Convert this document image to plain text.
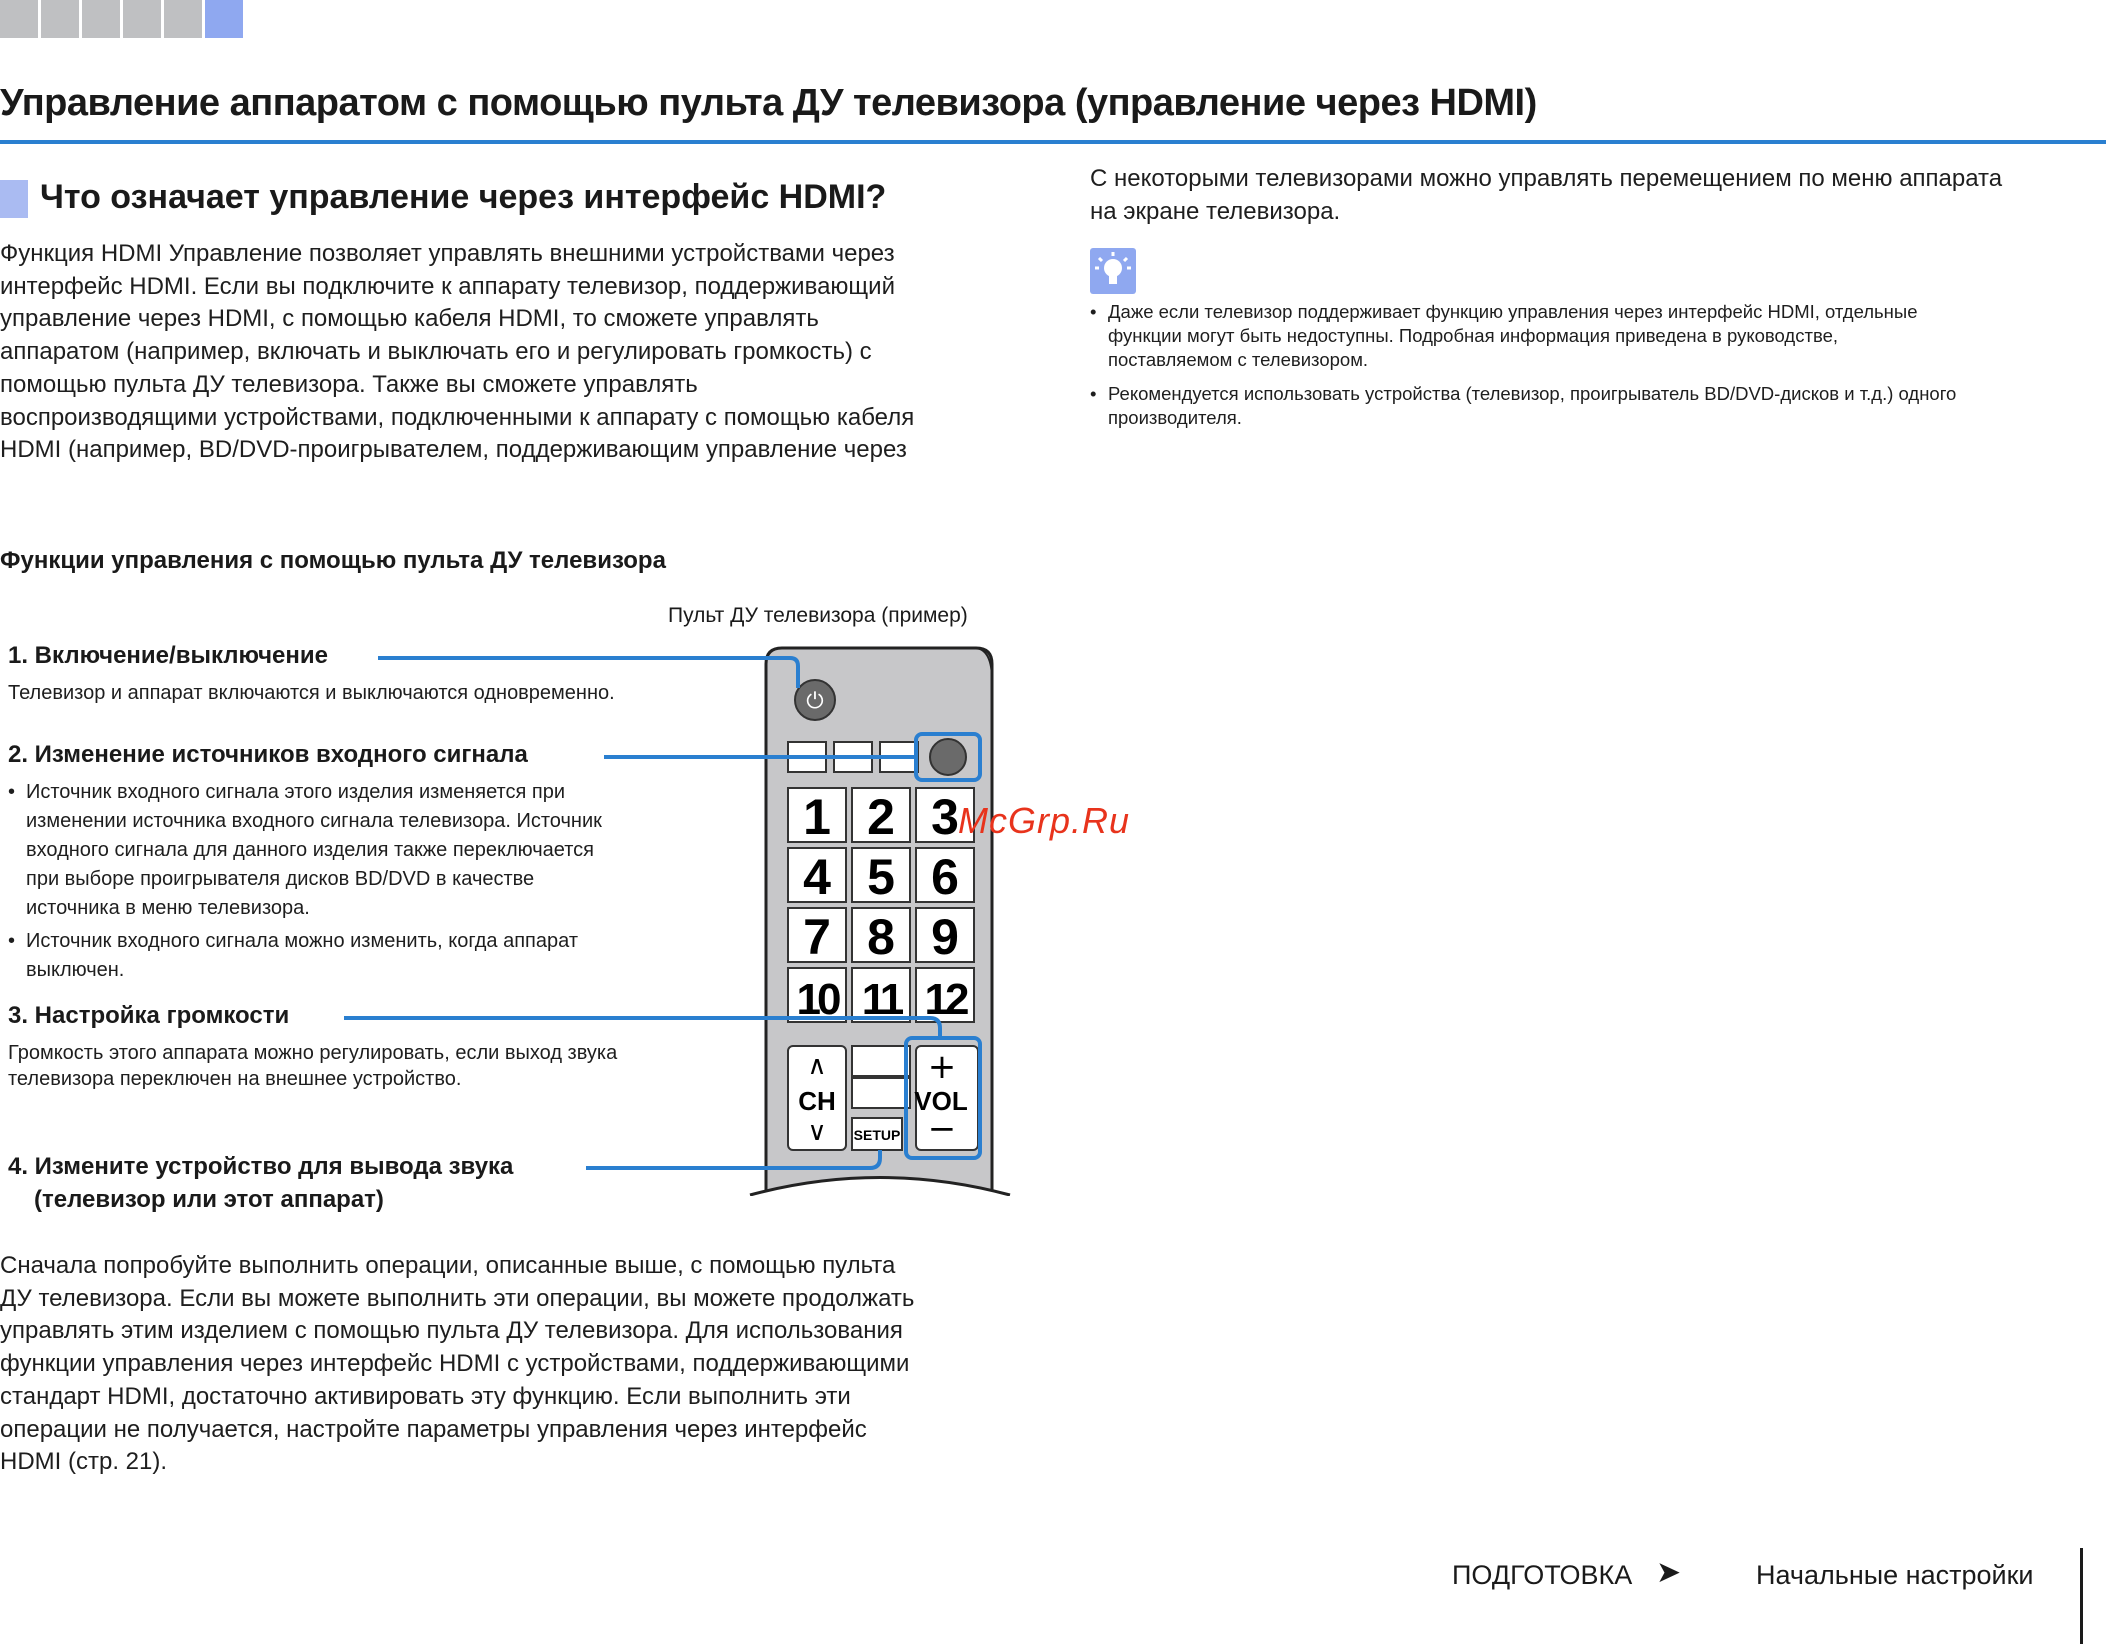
Управление аппаратом с помощью пульта ДУ телевизора (управление через HDMI)
Что означает управление через интерфейс HDMI?

Функция HDMI Управление позволяет управлять внешними устройствами через
интерфейс HDMI. Если вы подключите к аппарату телевизор, поддерживающий
управление через HDMI, с помощью кабеля HDMI, то сможете управлять
аппаратом (например, включать и выключать его и регулировать громкость) с
помощью пульта ДУ телевизора. Также вы сможете управлять
воспроизводящими устройствами, подключенными к аппарату с помощью кабеля
HDMI (например, BD/DVD-проигрывателем, поддерживающим управление через

Функции управления с помощью пульта ДУ телевизора
Пульт ДУ телевизора (пример)
⏻
1 2 3
4 5 6
7 8 9
10 11 12
∧
CH
∨ SETUP
+
VOL
−
1. Включение/выключение
Телевизор и аппарат включаются и выключаются одновременно.
2. Изменение источников входного сигнала
• Источник входного сигнала этого изделия изменяется при
изменении источника входного сигнала телевизора. Источник
входного сигнала для данного изделия также переключается
при выборе проигрывателя дисков BD/DVD в качестве
источника в меню телевизора.
• Источник входного сигнала можно изменить, когда аппарат
выключен.
3. Настройка громкости
Громкость этого аппарата можно регулировать, если выход звука
телевизора переключен на внешнее устройство.
4. Измените устройство для вывода звука
(телевизор или этот аппарат)

Сначала попробуйте выполнить операции, описанные выше, с помощью пульта
ДУ телевизора. Если вы можете выполнить эти операции, вы можете продолжать
управлять этим изделием с помощью пульта ДУ телевизора. Для использования
функции управления через интерфейс HDMI с устройствами, поддерживающими
стандарт HDMI, достаточно активировать эту функцию. Если выполнить эти
операции не получается, настройте параметры управления через интерфейс
HDMI (стр. 21).

С некоторыми телевизорами можно управлять перемещением по меню аппарата
на экране телевизора.

• Даже если телевизор поддерживает функцию управления через интерфейс HDMI, отдельные
функции могут быть недоступны. Подробная информация приведена в руководстве,
поставляемом с телевизором.
• Рекомендуется использовать устройства (телевизор, проигрыватель BD/DVD-дисков и т.д.) одного
производителя.
McGrp.Ru
ПОДГОТОВКА ➤	Начальные настройки
